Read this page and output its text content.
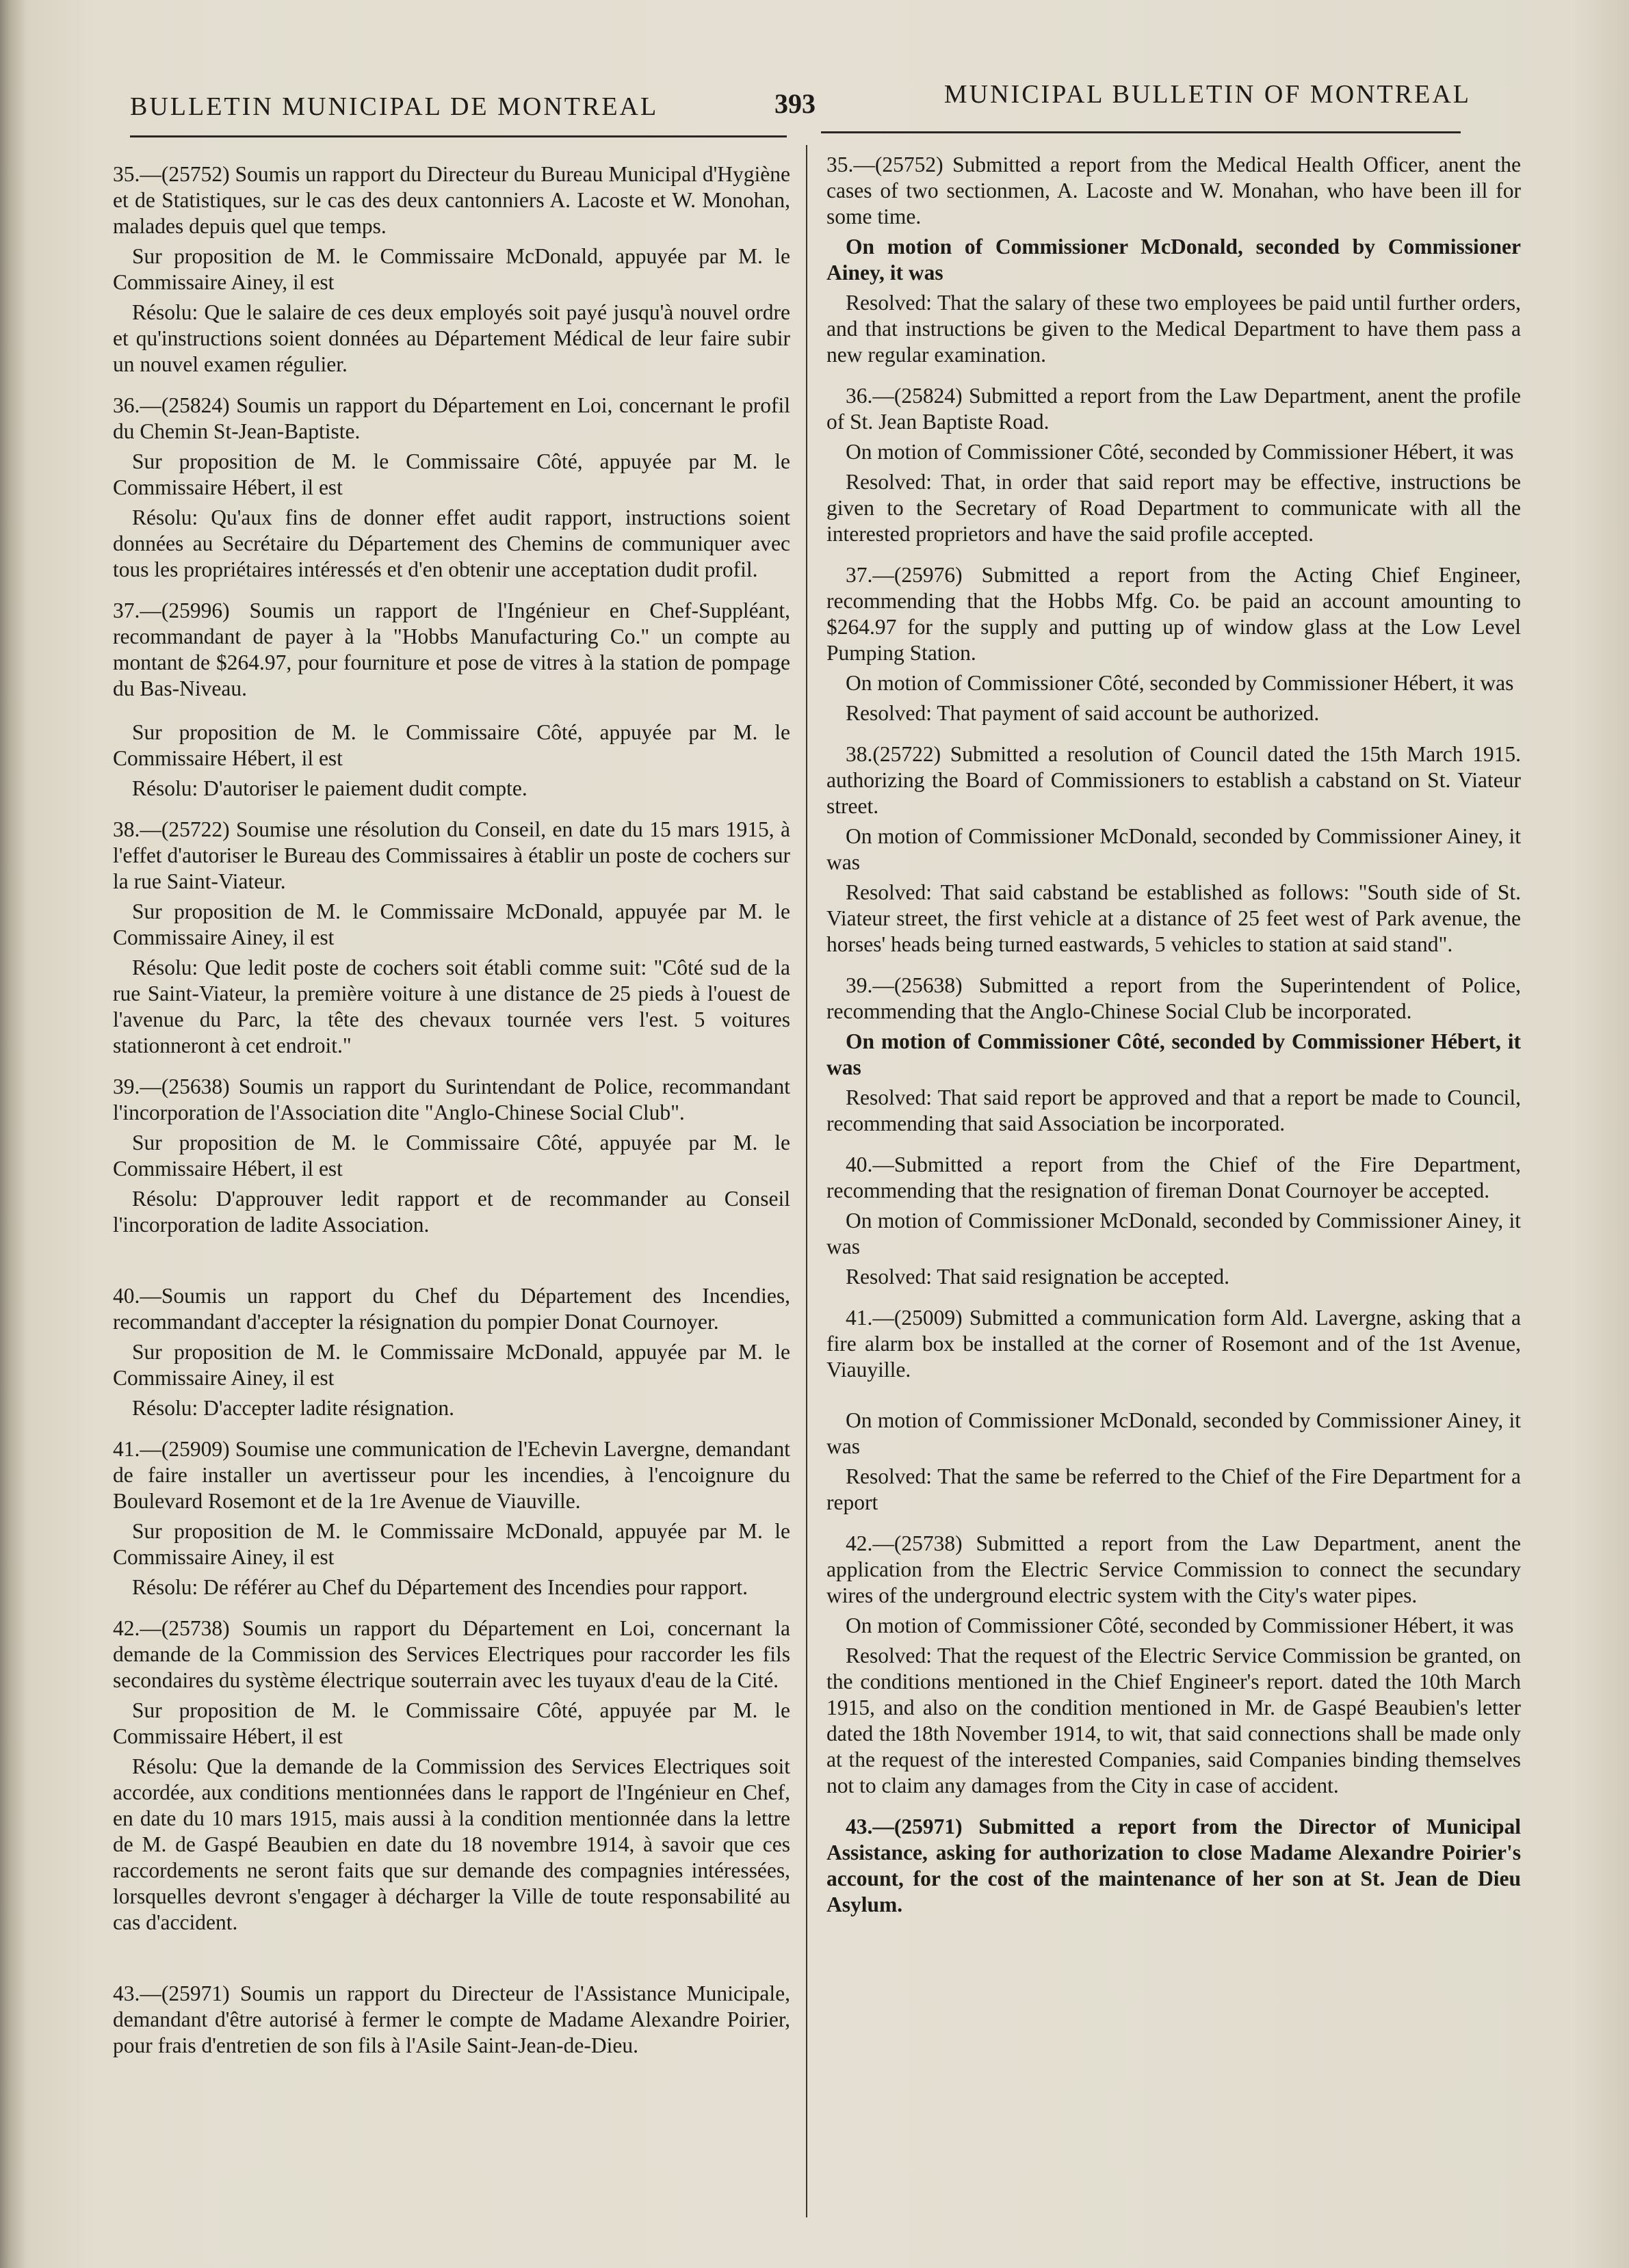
BULLETIN MUNICIPAL DE MONTREAL	393	MUNICIPAL BULLETIN OF MONTREAL

35.—(25752) Soumis un rapport du Directeur du Bureau Municipal d'Hygiène et de Statistiques, sur le cas des deux cantonniers A. Lacoste et W. Monohan, malades depuis quel que temps.

Sur proposition de M. le Commissaire McDonald, appuyée par M. le Commissaire Ainey, il est

Résolu: Que le salaire de ces deux employés soit payé jusqu'à nouvel ordre et qu'instructions soient données au Département Médical de leur faire subir un nouvel examen régulier.

36.—(25824) Soumis un rapport du Département en Loi, concernant le profil du Chemin St-Jean-Baptiste.

Sur proposition de M. le Commissaire Côté, appuyée par M. le Commissaire Hébert, il est

Résolu: Qu'aux fins de donner effet audit rapport, instructions soient données au Secrétaire du Département des Chemins de communiquer avec tous les propriétaires intéressés et d'en obtenir une acceptation dudit profil.

37.—(25996) Soumis un rapport de l'Ingénieur en Chef-Suppléant, recommandant de payer à la "Hobbs Manufacturing Co." un compte au montant de $264.97, pour fourniture et pose de vitres à la station de pompage du Bas-Niveau.

Sur proposition de M. le Commissaire Côté, appuyée par M. le Commissaire Hébert, il est

Résolu: D'autoriser le paiement dudit compte.

38.—(25722) Soumise une résolution du Conseil, en date du 15 mars 1915, à l'effet d'autoriser le Bureau des Commissaires à établir un poste de cochers sur la rue Saint-Viateur.

Sur proposition de M. le Commissaire McDonald, appuyée par M. le Commissaire Ainey, il est

Résolu: Que ledit poste de cochers soit établi comme suit: "Côté sud de la rue Saint-Viateur, la première voiture à une distance de 25 pieds à l'ouest de l'avenue du Parc, la tête des chevaux tournée vers l'est. 5 voitures stationneront à cet endroit."

39.—(25638) Soumis un rapport du Surintendant de Police, recommandant l'incorporation de l'Association dite "Anglo-Chinese Social Club".

Sur proposition de M. le Commissaire Côté, appuyée par M. le Commissaire Hébert, il est

Résolu: D'approuver ledit rapport et de recommander au Conseil l'incorporation de ladite Association.

40.—Soumis un rapport du Chef du Département des Incendies, recommandant d'accepter la résignation du pompier Donat Cournoyer.

Sur proposition de M. le Commissaire McDonald, appuyée par M. le Commissaire Ainey, il est

Résolu: D'accepter ladite résignation.

41.—(25909) Soumise une communication de l'Echevin Lavergne, demandant de faire installer un avertisseur pour les incendies, à l'encoignure du Boulevard Rosemont et de la 1re Avenue de Viauville.

Sur proposition de M. le Commissaire McDonald, appuyée par M. le Commissaire Ainey, il est

Résolu: De référer au Chef du Département des Incendies pour rapport.

42.—(25738) Soumis un rapport du Département en Loi, concernant la demande de la Commission des Services Electriques pour raccorder les fils secondaires du système électrique souterrain avec les tuyaux d'eau de la Cité.

Sur proposition de M. le Commissaire Côté, appuyée par M. le Commissaire Hébert, il est

Résolu: Que la demande de la Commission des Services Electriques soit accordée, aux conditions mentionnées dans le rapport de l'Ingénieur en Chef, en date du 10 mars 1915, mais aussi à la condition mentionnée dans la lettre de M. de Gaspé Beaubien en date du 18 novembre 1914, à savoir que ces raccordements ne seront faits que sur demande des compagnies intéressées, lorsquelles devront s'engager à décharger la Ville de toute responsabilité au cas d'accident.

43.—(25971) Soumis un rapport du Directeur de l'Assistance Municipale, demandant d'être autorisé à fermer le compte de Madame Alexandre Poirier, pour frais d'entretien de son fils à l'Asile Saint-Jean-de-Dieu.

35.—(25752) Submitted a report from the Medical Health Officer, anent the cases of two sectionmen, A. Lacoste and W. Monahan, who have been ill for some time.

On motion of Commissioner McDonald, seconded by Commissioner Ainey, it was

Resolved: That the salary of these two employees be paid until further orders, and that instructions be given to the Medical Department to have them pass a new regular examination.

36.—(25824) Submitted a report from the Law Department, anent the profile of St. Jean Baptiste Road.

On motion of Commissioner Côté, seconded by Commissioner Hébert, it was

Resolved: That, in order that said report may be effective, instructions be given to the Secretary of Road Department to communicate with all the interested proprietors and have the said profile accepted.

37.—(25976) Submitted a report from the Acting Chief Engineer, recommending that the Hobbs Mfg. Co. be paid an account amounting to $264.97 for the supply and putting up of window glass at the Low Level Pumping Station.

On motion of Commissioner Côté, seconded by Commissioner Hébert, it was

Resolved: That payment of said account be authorized.

38.(25722) Submitted a resolution of Council dated the 15th March 1915. authorizing the Board of Commissioners to establish a cabstand on St. Viateur street.

On motion of Commissioner McDonald, seconded by Commissioner Ainey, it was

Resolved: That said cabstand be established as follows: "South side of St. Viateur street, the first vehicle at a distance of 25 feet west of Park avenue, the horses' heads being turned eastwards, 5 vehicles to station at said stand".

39.—(25638) Submitted a report from the Superintendent of Police, recommending that the Anglo-Chinese Social Club be incorporated.

On motion of Commissioner Côté, seconded by Commissioner Hébert, it was

Resolved: That said report be approved and that a report be made to Council, recommending that said Association be incorporated.

40.—Submitted a report from the Chief of the Fire Department, recommending that the resignation of fireman Donat Cournoyer be accepted.

On motion of Commissioner McDonald, seconded by Commissioner Ainey, it was

Resolved: That said resignation be accepted.

41.—(25009) Submitted a communication form Ald. Lavergne, asking that a fire alarm box be installed at the corner of Rosemont and of the 1st Avenue, Viauyille.

On motion of Commissioner McDonald, seconded by Commissioner Ainey, it was

Resolved: That the same be referred to the Chief of the Fire Department for a report

42.—(25738) Submitted a report from the Law Department, anent the application from the Electric Service Commission to connect the secundary wires of the underground electric system with the City's water pipes.

On motion of Commissioner Côté, seconded by Commissioner Hébert, it was

Resolved: That the request of the Electric Service Commission be granted, on the conditions mentioned in the Chief Engineer's report. dated the 10th March 1915, and also on the condition mentioned in Mr. de Gaspé Beaubien's letter dated the 18th November 1914, to wit, that said connections shall be made only at the request of the interested Companies, said Companies binding themselves not to claim any damages from the City in case of accident.

43.—(25971) Submitted a report from the Director of Municipal Assistance, asking for authorization to close Madame Alexandre Poirier's account, for the cost of the maintenance of her son at St. Jean de Dieu Asylum.
